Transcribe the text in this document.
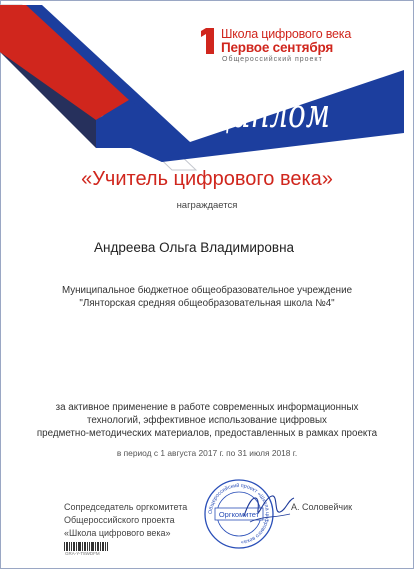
Школа цифрового века
Первое сентября
Общероссийский проект
Диплом
«Учитель цифрового века»
награждается
Андреева Ольга Владимировна
Муниципальное бюджетное общеобразовательное учреждение
"Лянторская средняя общеобразовательная школа №4"
за активное применение в работе современных информационных
технологий, эффективное использование цифровых
предметно-методических материалов, предоставленных в рамках проекта
в период с 1 августа 2017 г. по 31 июля 2018 г.
Сопредседатель оргкомитета
Общероссийского проекта
«Школа цифрового века»
А. Соловейчик
Общероссийский проект «Школа цифрового века»
Оргкомитет
GRA-Y-T8WDFM
